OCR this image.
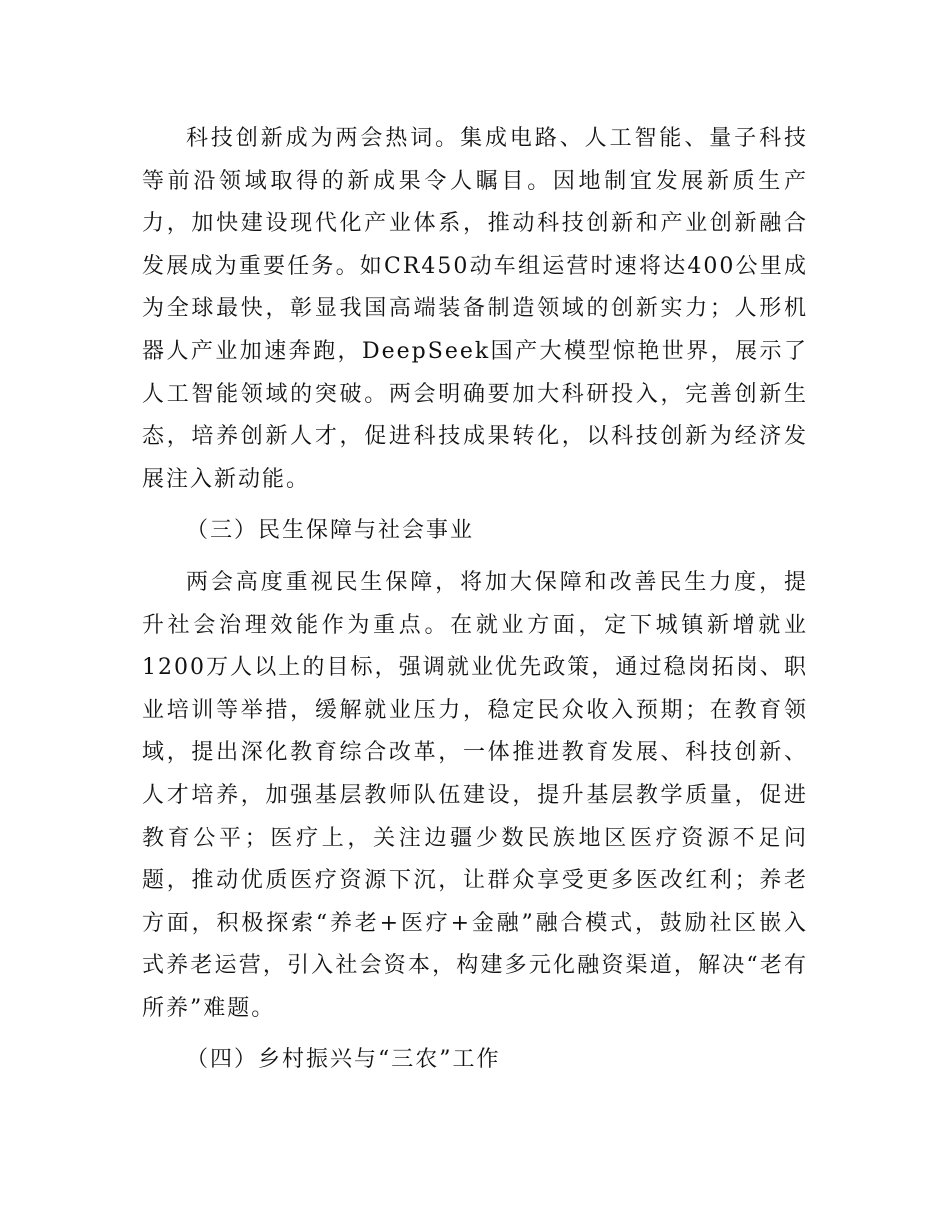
科技创新成为两会热词。集成电路、人工智能、量子科技等前沿领域取得的新成果令人瞩目。因地制宜发展新质生产力，加快建设现代化产业体系，推动科技创新和产业创新融合发展成为重要任务。如CR450动车组运营时速将达400公里成为全球最快，彰显我国高端装备制造领域的创新实力；人形机器人产业加速奔跑，DeepSeek国产大模型惊艳世界，展示了人工智能领域的突破。两会明确要加大科研投入，完善创新生态，培养创新人才，促进科技成果转化，以科技创新为经济发展注入新动能。

（三）民生保障与社会事业

两会高度重视民生保障，将加大保障和改善民生力度，提升社会治理效能作为重点。在就业方面，定下城镇新增就业1200万人以上的目标，强调就业优先政策，通过稳岗拓岗、职业培训等举措，缓解就业压力，稳定民众收入预期；在教育领域，提出深化教育综合改革，一体推进教育发展、科技创新、人才培养，加强基层教师队伍建设，提升基层教学质量，促进教育公平；医疗上，关注边疆少数民族地区医疗资源不足问题，推动优质医疗资源下沉，让群众享受更多医改红利；养老方面，积极探索“养老+医疗+金融”融合模式，鼓励社区嵌入式养老运营，引入社会资本，构建多元化融资渠道，解决“老有所养”难题。

（四）乡村振兴与“三农”工作
